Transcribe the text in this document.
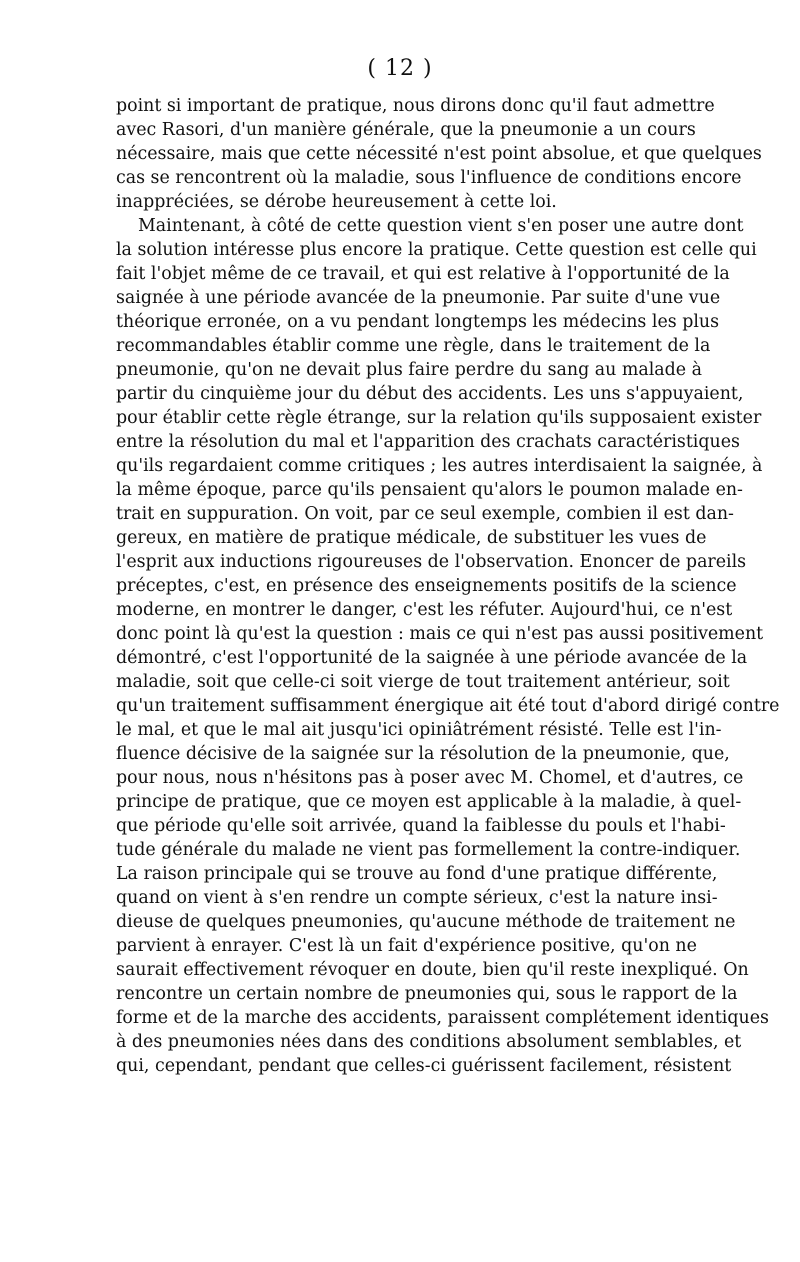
( 12 )
point si important de pratique, nous dirons donc qu'il faut admettre
avec Rasori, d'un manière générale, que la pneumonie a un cours
nécessaire, mais que cette nécessité n'est point absolue, et que quelques
cas se rencontrent où la maladie, sous l'influence de conditions encore
inappréciées, se dérobe heureusement à cette loi.
Maintenant, à côté de cette question vient s'en poser une autre dont
la solution intéresse plus encore la pratique. Cette question est celle qui
fait l'objet même de ce travail, et qui est relative à l'opportunité de la
saignée à une période avancée de la pneumonie. Par suite d'une vue
théorique erronée, on a vu pendant longtemps les médecins les plus
recommandables établir comme une règle, dans le traitement de la
pneumonie, qu'on ne devait plus faire perdre du sang au malade à
partir du cinquième jour du début des accidents. Les uns s'appuyaient,
pour établir cette règle étrange, sur la relation qu'ils supposaient exister
entre la résolution du mal et l'apparition des crachats caractéristiques
qu'ils regardaient comme critiques ; les autres interdisaient la saignée, à
la même époque, parce qu'ils pensaient qu'alors le poumon malade en-
trait en suppuration. On voit, par ce seul exemple, combien il est dan-
gereux, en matière de pratique médicale, de substituer les vues de
l'esprit aux inductions rigoureuses de l'observation. Enoncer de pareils
préceptes, c'est, en présence des enseignements positifs de la science
moderne, en montrer le danger, c'est les réfuter. Aujourd'hui, ce n'est
donc point là qu'est la question : mais ce qui n'est pas aussi positivement
démontré, c'est l'opportunité de la saignée à une période avancée de la
maladie, soit que celle-ci soit vierge de tout traitement antérieur, soit
qu'un traitement suffisamment énergique ait été tout d'abord dirigé contre
le mal, et que le mal ait jusqu'ici opiniâtrément résisté. Telle est l'in-
fluence décisive de la saignée sur la résolution de la pneumonie, que,
pour nous, nous n'hésitons pas à poser avec M. Chomel, et d'autres, ce
principe de pratique, que ce moyen est applicable à la maladie, à quel-
que période qu'elle soit arrivée, quand la faiblesse du pouls et l'habi-
tude générale du malade ne vient pas formellement la contre-indiquer.
La raison principale qui se trouve au fond d'une pratique différente,
quand on vient à s'en rendre un compte sérieux, c'est la nature insi-
dieuse de quelques pneumonies, qu'aucune méthode de traitement ne
parvient à enrayer. C'est là un fait d'expérience positive, qu'on ne
saurait effectivement révoquer en doute, bien qu'il reste inexpliqué. On
rencontre un certain nombre de pneumonies qui, sous le rapport de la
forme et de la marche des accidents, paraissent complétement identiques
à des pneumonies nées dans des conditions absolument semblables, et
qui, cependant, pendant que celles-ci guérissent facilement, résistent
